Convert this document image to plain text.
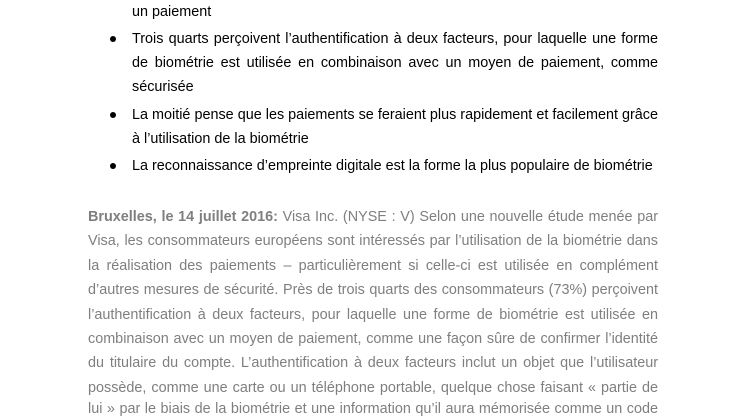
un paiement
Trois quarts perçoivent l’authentification à deux facteurs, pour laquelle une forme
de biométrie est utilisée en combinaison avec un moyen de paiement, comme
sécurisée
La moitié pense que les paiements se feraient plus rapidement et facilement grâce
à l’utilisation de la biométrie
La reconnaissance d’empreinte digitale est la forme la plus populaire de biométrie
Bruxelles, le 14 juillet 2016: Visa Inc. (NYSE : V) Selon une nouvelle étude menée par
Visa, les consommateurs européens sont intéressés par l’utilisation de la biométrie dans
la réalisation des paiements – particulièrement si celle-ci est utilisée en complément
d’autres mesures de sécurité. Près de trois quarts des consommateurs (73%) perçoivent
l’authentification à deux facteurs, pour laquelle une forme de biométrie est utilisée en
combinaison avec un moyen de paiement, comme une façon sûre de confirmer l’identité
du titulaire du compte. L’authentification à deux facteurs inclut un objet que l’utilisateur
possède, comme une carte ou un téléphone portable, quelque chose faisant « partie de
lui » par le biais de la biométrie et une information qu’il aura mémorisée comme un code
